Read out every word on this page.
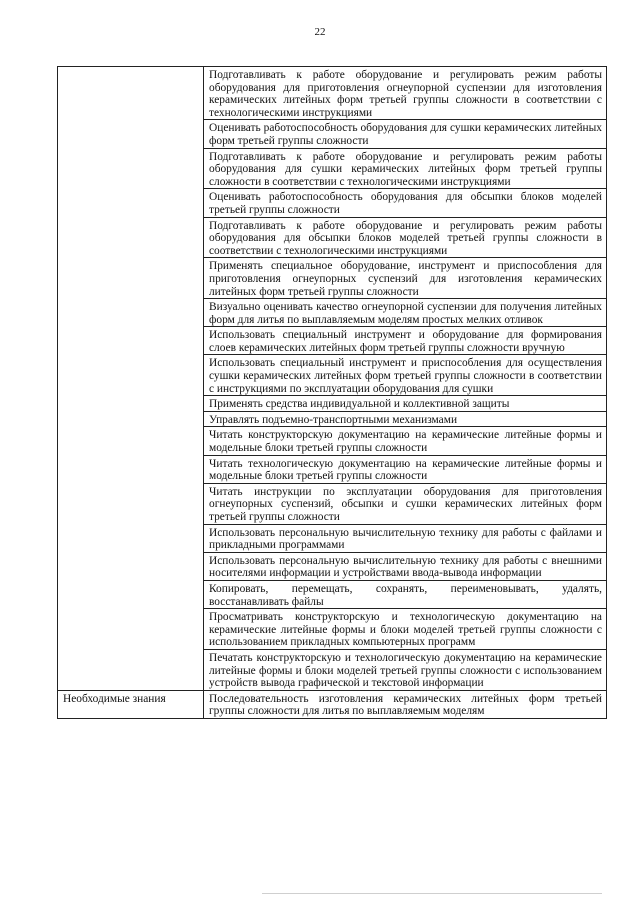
22
	Подготавливать к работе оборудование и регулировать режим работы оборудования для приготовления огнеупорной суспензии для изготовления керамических литейных форм третьей группы сложности в соответствии с технологическими инструкциями
	Оценивать работоспособность оборудования для сушки керамических литейных форм третьей группы сложности
	Подготавливать к работе оборудование и регулировать режим работы оборудования для сушки керамических литейных форм третьей группы сложности в соответствии с технологическими инструкциями
	Оценивать работоспособность оборудования для обсыпки блоков моделей третьей группы сложности
	Подготавливать к работе оборудование и регулировать режим работы оборудования для обсыпки блоков моделей третьей группы сложности в соответствии с технологическими инструкциями
	Применять специальное оборудование, инструмент и приспособления для приготовления огнеупорных суспензий для изготовления керамических литейных форм третьей группы сложности
	Визуально оценивать качество огнеупорной суспензии для получения литейных форм для литья по выплавляемым моделям простых мелких отливок
	Использовать специальный инструмент и оборудование для формирования слоев керамических литейных форм третьей группы сложности вручную
	Использовать специальный инструмент и приспособления для осуществления сушки керамических литейных форм третьей группы сложности в соответствии с инструкциями по эксплуатации оборудования для сушки
	Применять средства индивидуальной и коллективной защиты
	Управлять подъемно-транспортными механизмами
	Читать конструкторскую документацию на керамические литейные формы и модельные блоки третьей группы сложности
	Читать технологическую документацию на керамические литейные формы и модельные блоки третьей группы сложности
	Читать инструкции по эксплуатации оборудования для приготовления огнеупорных суспензий, обсыпки и сушки керамических литейных форм третьей группы сложности
	Использовать персональную вычислительную технику для работы с файлами и прикладными программами
	Использовать персональную вычислительную технику для работы с внешними носителями информации и устройствами ввода-вывода информации
	Копировать, перемещать, сохранять, переименовывать, удалять, восстанавливать файлы
	Просматривать конструкторскую и технологическую документацию на керамические литейные формы и блоки моделей третьей группы сложности с использованием прикладных компьютерных программ
	Печатать конструкторскую и технологическую документацию на керамические литейные формы и блоки моделей третьей группы сложности с использованием устройств вывода графической и текстовой информации
Необходимые знания	Последовательность изготовления керамических литейных форм третьей группы сложности для литья по выплавляемым моделям
